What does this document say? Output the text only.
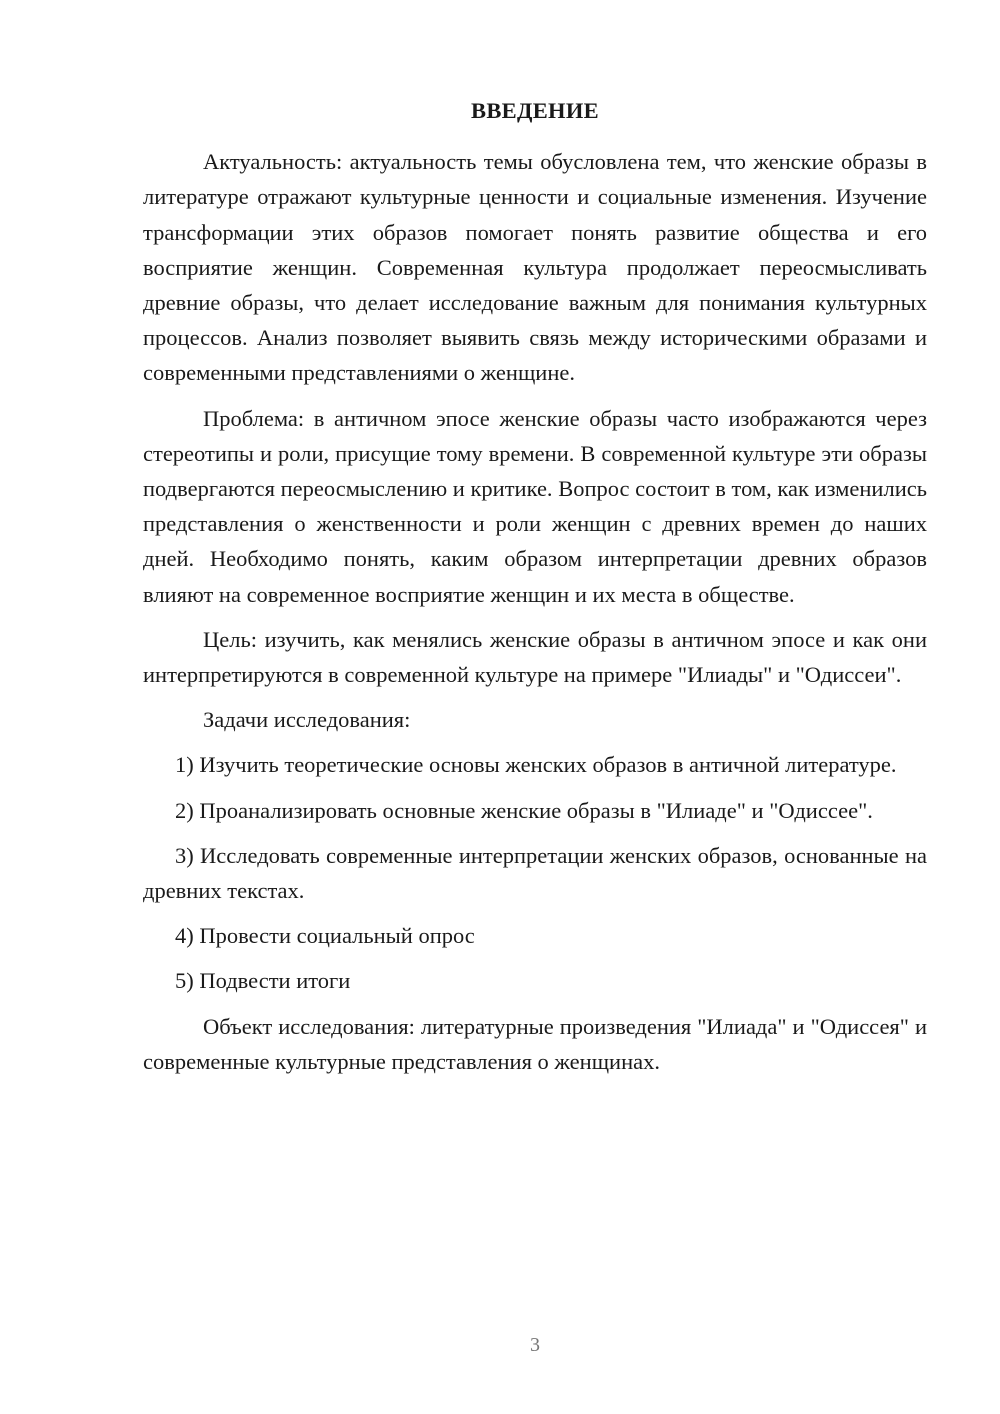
ВВЕДЕНИЕ

Актуальность: актуальность темы обусловлена тем, что женские образы в литературе отражают культурные ценности и социальные изменения. Изучение трансформации этих образов помогает понять развитие общества и его восприятие женщин. Современная культура продолжает переосмысливать древние образы, что делает исследование важным для понимания культурных процессов. Анализ позволяет выявить связь между историческими образами и современными представлениями о женщине.

Проблема: в античном эпосе женские образы часто изображаются через стереотипы и роли, присущие тому времени. В современной культуре эти образы подвергаются переосмыслению и критике. Вопрос состоит в том, как изменились представления о женственности и роли женщин с древних времен до наших дней. Необходимо понять, каким образом интерпретации древних образов влияют на современное восприятие женщин и их места в обществе.

Цель: изучить, как менялись женские образы в античном эпосе и как они интерпретируются в современной культуре на примере "Илиады" и "Одиссеи".

Задачи исследования:

1) Изучить теоретические основы женских образов в античной литературе.

2) Проанализировать основные женские образы в "Илиаде" и "Одиссее".

3) Исследовать современные интерпретации женских образов, основанные на древних текстах.

4) Провести социальный опрос

5) Подвести итоги

Объект исследования: литературные произведения "Илиада" и "Одиссея" и современные культурные представления о женщинах.

3
